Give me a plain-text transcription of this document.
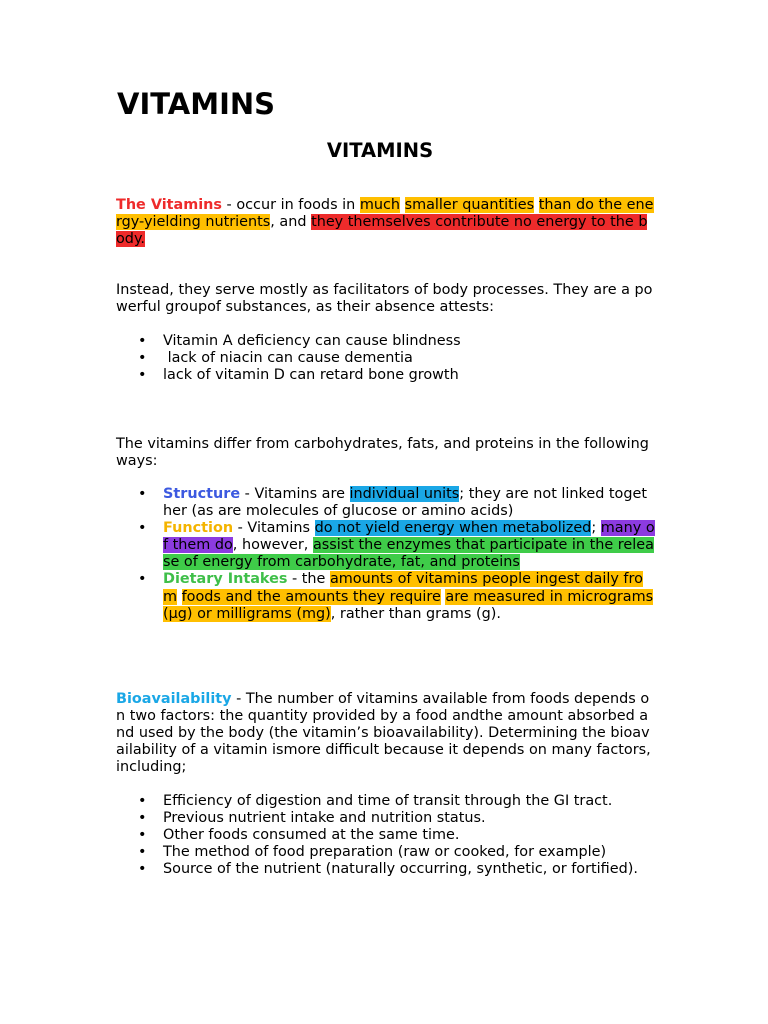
VITAMINS
VITAMINS

The Vitamins - occur in foods in much smaller quantities than do the energy-yielding nutrients, and they themselves contribute no energy to the body.

Instead, they serve mostly as facilitators of body processes. They are a powerful groupof substances, as their absence attests:

• Vitamin A deficiency can cause blindness
•  lack of niacin can cause dementia
• lack of vitamin D can retard bone growth

The vitamins differ from carbohydrates, fats, and proteins in the following ways:

• Structure - Vitamins are individual units; they are not linked together (as are molecules of glucose or amino acids)
• Function - Vitamins do not yield energy when metabolized; many of them do, however, assist the enzymes that participate in the release of energy from carbohydrate, fat, and proteins
• Dietary Intakes - the amounts of vitamins people ingest daily from foods and the amounts they require are measured in micrograms (µg) or milligrams (mg), rather than grams (g).

Bioavailability - The number of vitamins available from foods depends on two factors: the quantity provided by a food andthe amount absorbed and used by the body (the vitamin’s bioavailability). Determining the bioavailability of a vitamin ismore difficult because it depends on many factors, including;

• Efficiency of digestion and time of transit through the GI tract.
• Previous nutrient intake and nutrition status.
• Other foods consumed at the same time.
• The method of food preparation (raw or cooked, for example)
• Source of the nutrient (naturally occurring, synthetic, or fortified).
